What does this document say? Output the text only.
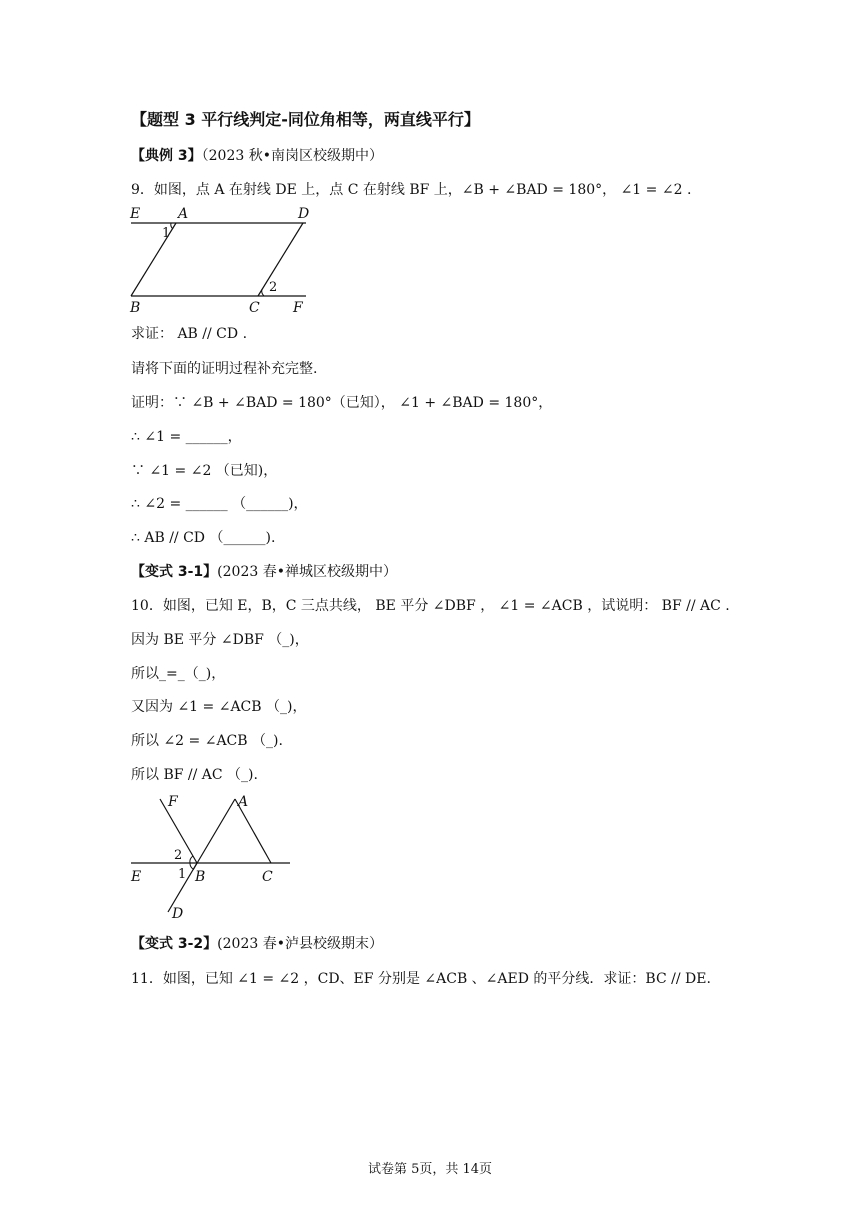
【题型 3 平行线判定-同位角相等，两直线平行】
【典例 3】（2023 秋•南岗区校级期中）
9．如图，点 A 在射线 DE 上，点 C 在射线 BF 上，∠B + ∠BAD = 180°， ∠1 = ∠2 .
E	A	D
1
2
B	C F
求证： AB // CD .
请将下面的证明过程补充完整.
证明：∵ ∠B + ∠BAD = 180°（已知）， ∠1 + ∠BAD = 180°，
∴ ∠1 = ______，
∵ ∠1 = ∠2 （已知)，
∴ ∠2 = ______ （______)，
∴ AB // CD （______).
【变式 3-1】(2023 春•禅城区校级期中）
10．如图，已知 E，B，C 三点共线， BE 平分 ∠DBF ， ∠1 = ∠ACB ，试说明： BF // AC .
因为 BE 平分 ∠DBF （_)，
所以_=_（_)，
又因为 ∠1 = ∠ACB （_)，
所以 ∠2 = ∠ACB （_).
所以 BF // AC （_).
F	A
2
E	1 B	C
D
【变式 3-2】(2023 春•泸县校级期末）
11．如图，已知 ∠1 = ∠2 ，CD、EF 分别是 ∠ACB 、∠AED 的平分线．求证：BC // DE.
试卷第 5页，共 14页
